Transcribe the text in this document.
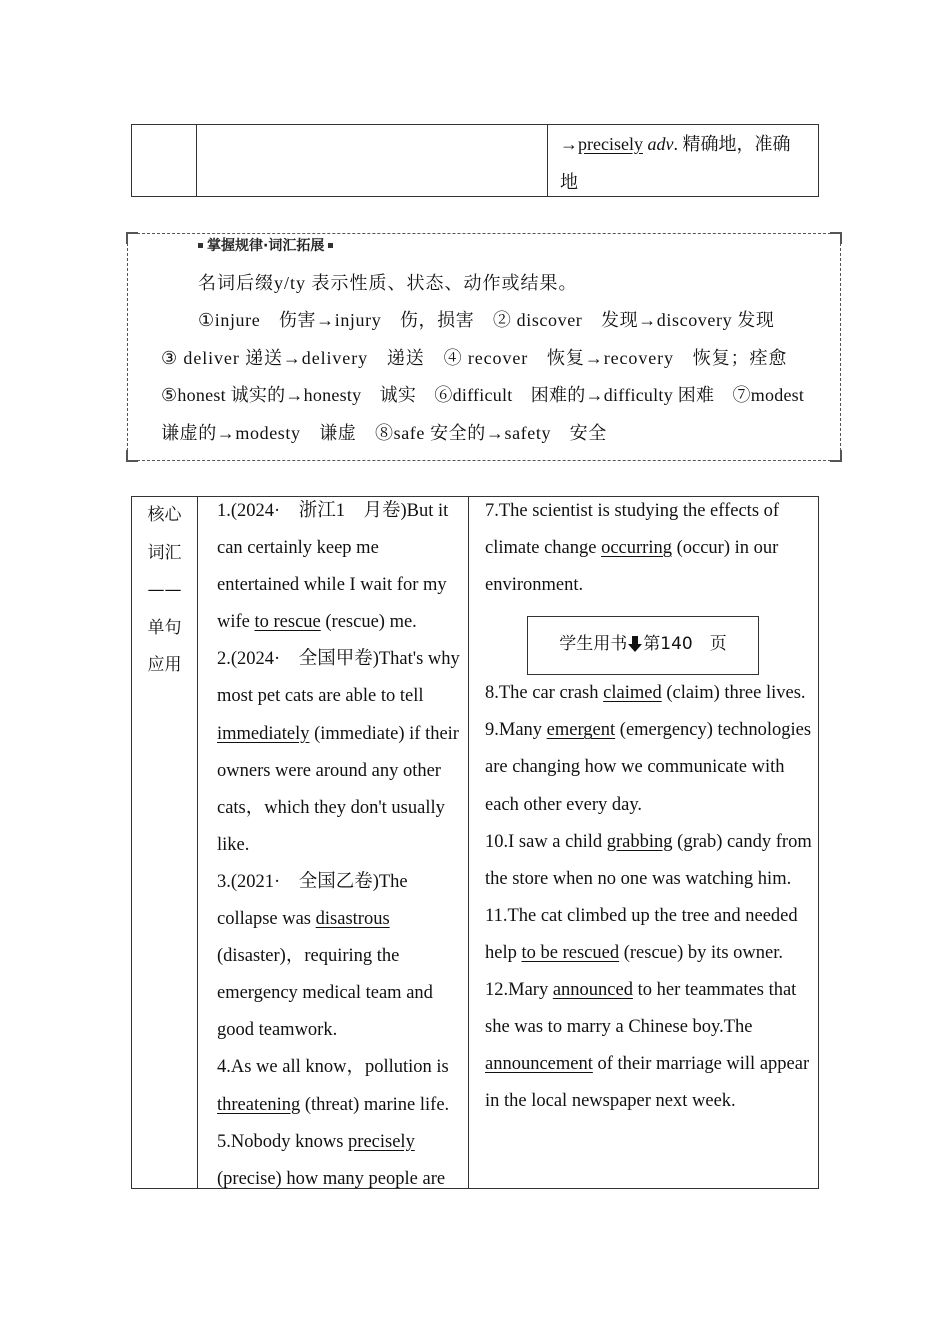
→precisely adv. 精确地，准确
地
掌握规律·词汇拓展
名词后缀y/ty 表示性质、状态、动作或结果。
①injure　伤害→injury　伤，损害　② discover　发现→discovery 发现
③ deliver 递送→delivery　递送　④ recover　恢复→recovery　恢复；痊愈
⑤honest 诚实的→honesty　诚实　⑥difficult　困难的→difficulty 困难　⑦modest
谦虚的→modesty　谦虚　⑧safe 安全的→safety　安全
核心
词汇
——
单句
应用
1.(2024·　浙江1　月卷)But it can certainly keep me entertained while I wait for my wife to rescue (rescue) me.
2.(2024·　全国甲卷)That's why most pet cats are able to tell immediately (immediate) if their owners were around any other cats，which they don't usually like.
3.(2021·　全国乙卷)The collapse was disastrous (disaster)，requiring the emergency medical team and good teamwork.
4.As we all know，pollution is threatening (threat) marine life.
5.Nobody knows precisely (precise) how many people are
7.The scientist is studying the effects of climate change occurring (occur) in our environment.
学生用书 第140　页
8.The car crash claimed (claim) three lives.
9.Many emergent (emergency) technologies are changing how we communicate with each other every day.
10.I saw a child grabbing (grab) candy from the store when no one was watching him.
11.The cat climbed up the tree and needed help to be rescued (rescue) by its owner.
12.Mary announced to her teammates that she was to marry a Chinese boy.The announcement of their marriage will appear in the local newspaper next week.
